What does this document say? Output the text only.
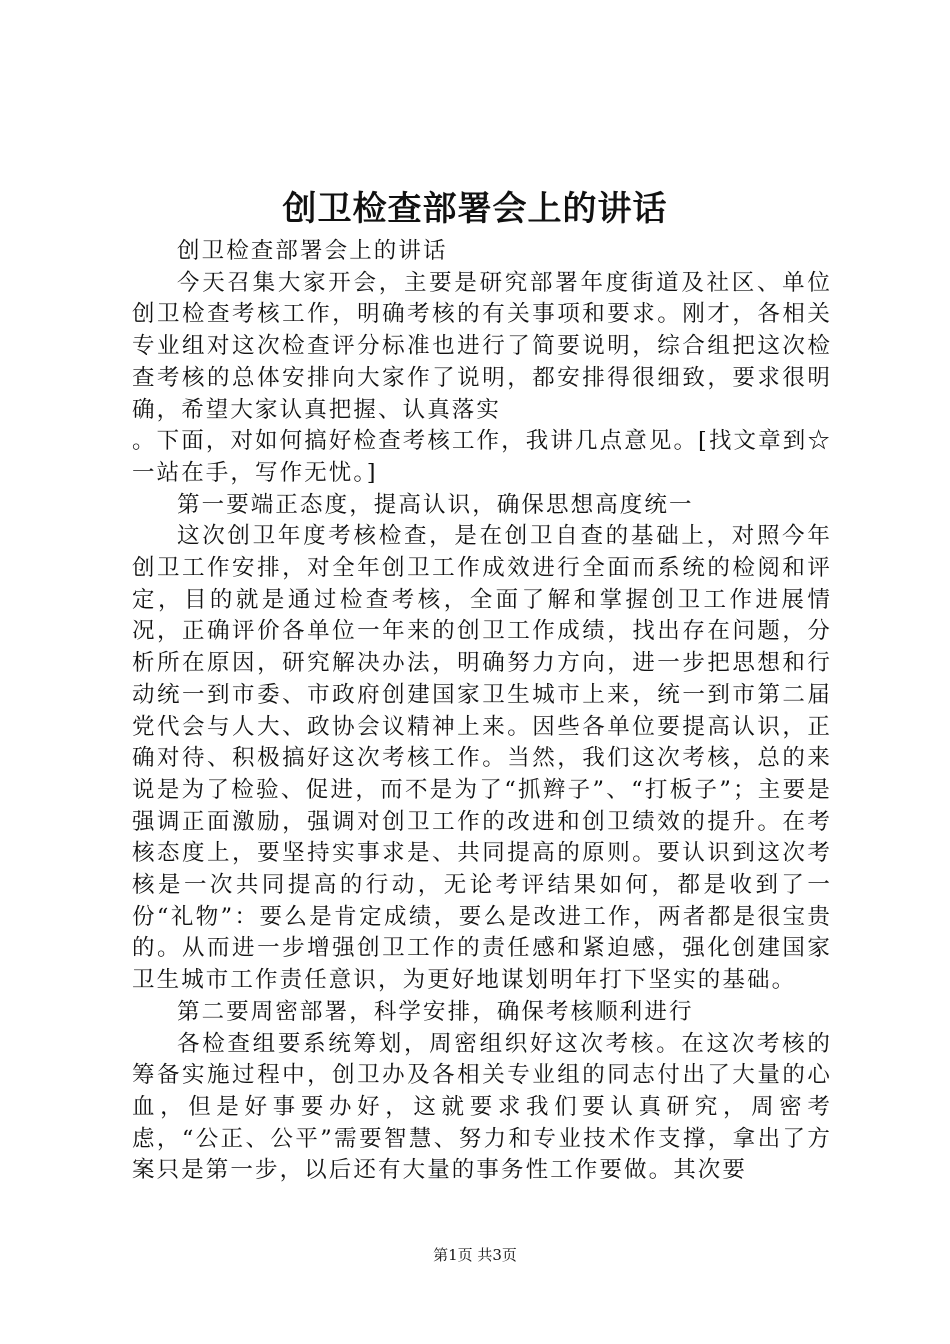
创卫检查部署会上的讲话

创卫检查部署会上的讲话

今天召集大家开会，主要是研究部署年度街道及社区、单位创卫检查考核工作，明确考核的有关事项和要求。刚才，各相关专业组对这次检查评分标准也进行了简要说明，综合组把这次检查考核的总体安排向大家作了说明，都安排得很细致，要求很明确，希望大家认真把握、认真落实

。下面，对如何搞好检查考核工作，我讲几点意见。[找文章到☆一站在手，写作无忧。]

第一要端正态度，提高认识，确保思想高度统一

这次创卫年度考核检查，是在创卫自查的基础上，对照今年创卫工作安排，对全年创卫工作成效进行全面而系统的检阅和评定，目的就是通过检查考核，全面了解和掌握创卫工作进展情况，正确评价各单位一年来的创卫工作成绩，找出存在问题，分析所在原因，研究解决办法，明确努力方向，进一步把思想和行动统一到市委、市政府创建国家卫生城市上来，统一到市第二届党代会与人大、政协会议精神上来。因些各单位要提高认识，正确对待、积极搞好这次考核工作。当然，我们这次考核，总的来说是为了检验、促进，而不是为了“抓辫子”、“打板子”；主要是强调正面激励，强调对创卫工作的改进和创卫绩效的提升。在考核态度上，要坚持实事求是、共同提高的原则。要认识到这次考核是一次共同提高的行动，无论考评结果如何，都是收到了一份“礼物”：要么是肯定成绩，要么是改进工作，两者都是很宝贵的。从而进一步增强创卫工作的责任感和紧迫感，强化创建国家卫生城市工作责任意识，为更好地谋划明年打下坚实的基础。

第二要周密部署，科学安排，确保考核顺利进行

各检查组要系统筹划，周密组织好这次考核。在这次考核的筹备实施过程中，创卫办及各相关专业组的同志付出了大量的心血，但是好事要办好，这就要求我们要认真研究，周密考虑，“公正、公平”需要智慧、努力和专业技术作支撑，拿出了方案只是第一步，以后还有大量的事务性工作要做。其次要

第1页 共3页
